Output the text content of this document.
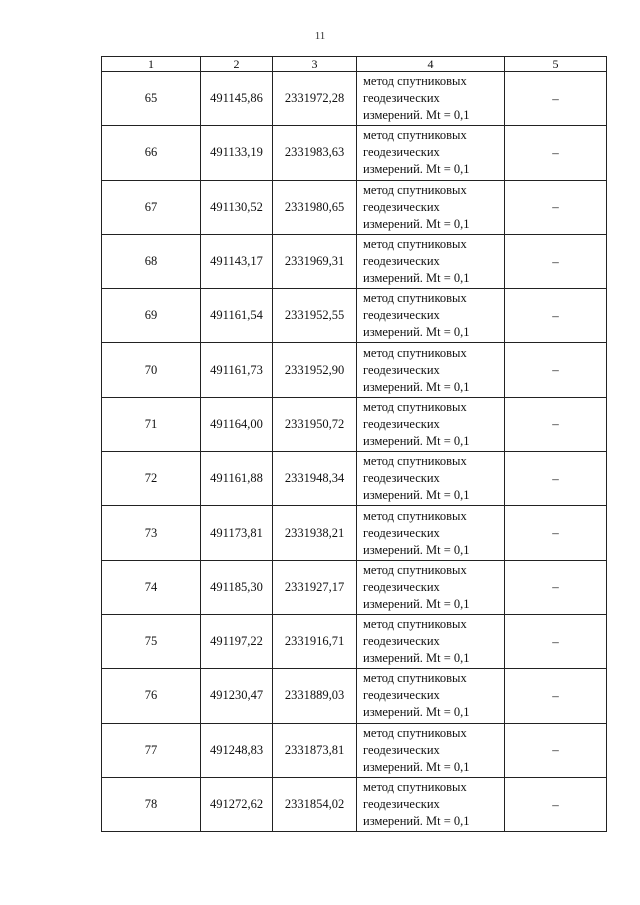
11
1	2	3	4	5
65	491145,86	2331972,28	метод спутниковых
геодезических
измерений. Mt = 0,1	–
66	491133,19	2331983,63	метод спутниковых
геодезических
измерений. Mt = 0,1	–
67	491130,52	2331980,65	метод спутниковых
геодезических
измерений. Mt = 0,1	–
68	491143,17	2331969,31	метод спутниковых
геодезических
измерений. Mt = 0,1	–
69	491161,54	2331952,55	метод спутниковых
геодезических
измерений. Mt = 0,1	–
70	491161,73	2331952,90	метод спутниковых
геодезических
измерений. Mt = 0,1	–
71	491164,00	2331950,72	метод спутниковых
геодезических
измерений. Mt = 0,1	–
72	491161,88	2331948,34	метод спутниковых
геодезических
измерений. Mt = 0,1	–
73	491173,81	2331938,21	метод спутниковых
геодезических
измерений. Mt = 0,1	–
74	491185,30	2331927,17	метод спутниковых
геодезических
измерений. Mt = 0,1	–
75	491197,22	2331916,71	метод спутниковых
геодезических
измерений. Mt = 0,1	–
76	491230,47	2331889,03	метод спутниковых
геодезических
измерений. Mt = 0,1	–
77	491248,83	2331873,81	метод спутниковых
геодезических
измерений. Mt = 0,1	–
78	491272,62	2331854,02	метод спутниковых
геодезических
измерений. Mt = 0,1	–
